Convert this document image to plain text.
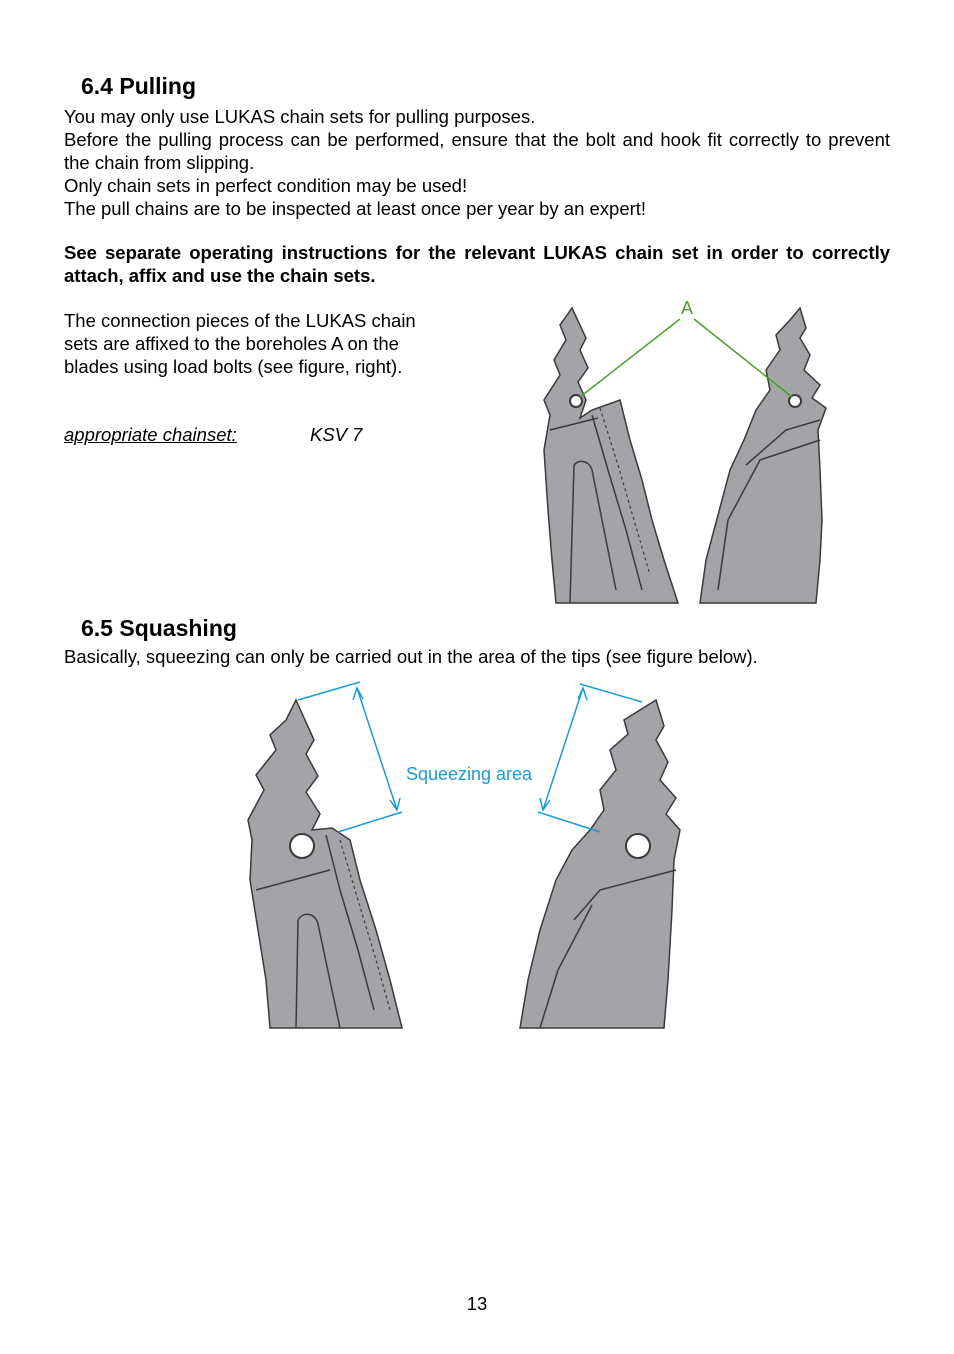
6.4 Pulling
You may only use LUKAS chain sets for pulling purposes.
Before the pulling process can be performed, ensure that the bolt and hook fit correctly to prevent the chain from slipping.
Only chain sets in perfect condition may be used!
The pull chains are to be inspected at least once per year by an expert!
See separate operating instructions for the relevant LUKAS chain set in order to correctly attach, affix and use the chain sets.
The connection pieces of the LUKAS chain sets are affixed to the boreholes A on the blades using load bolts (see figure, right).
appropriate chainset:	KSV 7
A
6.5 Squashing
Basically, squeezing can only be carried out in the area of the tips (see figure below).
Squeezing area
13
